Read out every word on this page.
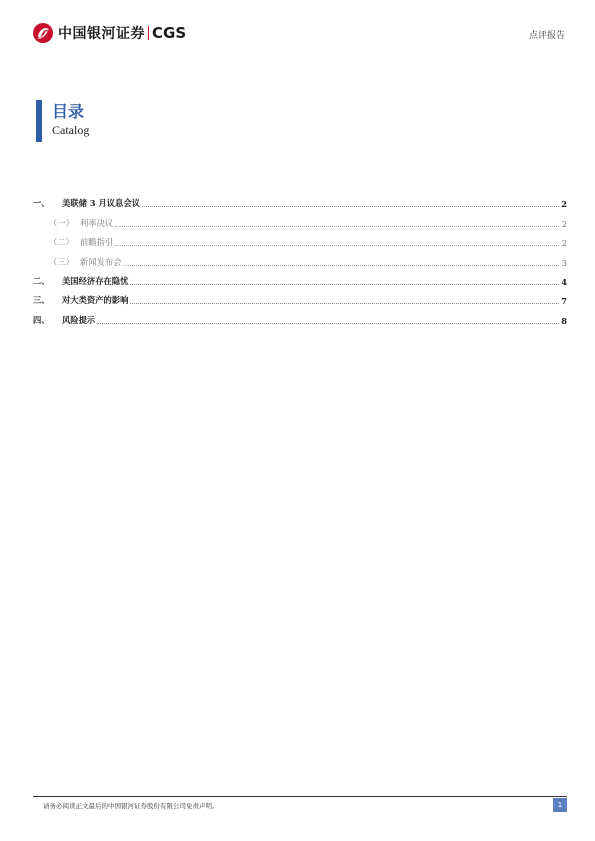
中国银河证券 CGS	点评报告
目录
Catalog
一、	美联储 3 月议息会议	2
（一） 利率决议	2
（二） 前瞻指引	2
（三） 新闻发布会	3
二、	美国经济存在隐忧	4
三、	对大类资产的影响	7
四、	风险提示	8
请务必阅读正文最后的中国银河证券股份有限公司免责声明。	1
